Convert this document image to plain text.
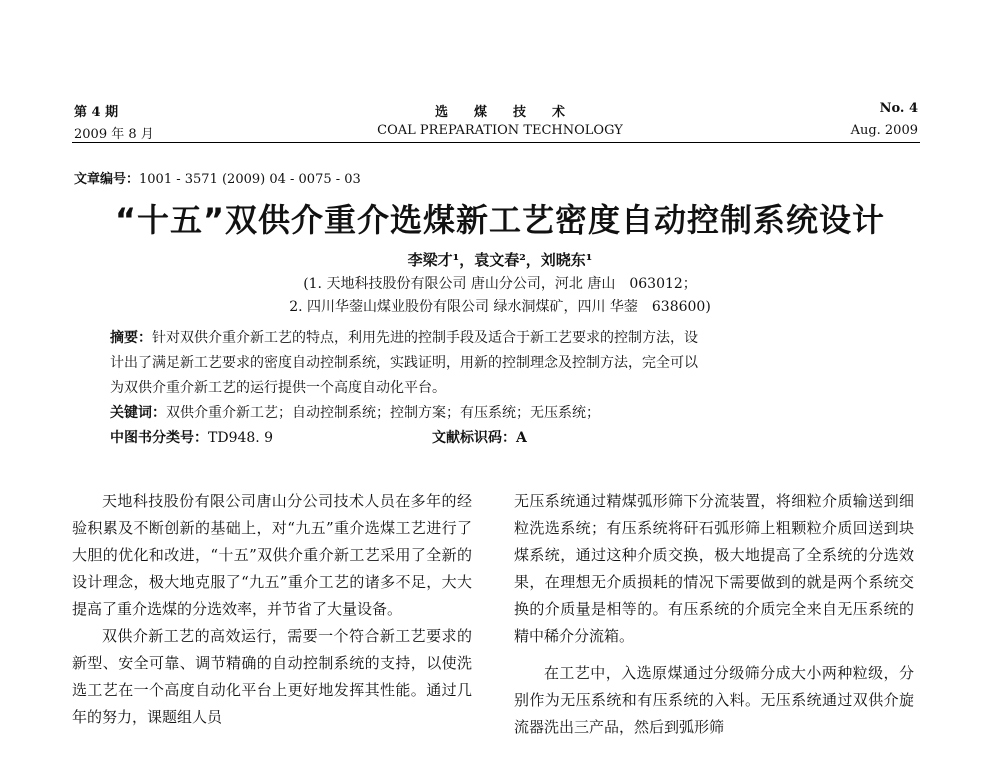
第 4 期	选　　煤　　技　　术	No. 4
2009 年 8 月	COAL PREPARATION TECHNOLOGY	Aug. 2009
文章编号：1001 - 3571 (2009) 04 - 0075 - 03
“十五”双供介重介选煤新工艺密度自动控制系统设计
李梁才¹，袁文春²，刘晓东¹
(1. 天地科技股份有限公司 唐山分公司，河北 唐山　063012；
2. 四川华蓥山煤业股份有限公司 绿水洞煤矿，四川 华蓥　638600)
摘要：针对双供介重介新工艺的特点，利用先进的控制手段及适合于新工艺要求的控制方法，设
计出了满足新工艺要求的密度自动控制系统，实践证明，用新的控制理念及控制方法，完全可以
为双供介重介新工艺的运行提供一个高度自动化平台。
关键词：双供介重介新工艺；自动控制系统；控制方案；有压系统；无压系统；
中图书分类号：TD948. 9	文献标识码：A

天地科技股份有限公司唐山分公司技术人员在多年的经验积累及不断创新的基础上，对“九五”重介选煤工艺进行了大胆的优化和改进，“十五”双供介重介新工艺采用了全新的设计理念，极大地克服了“九五”重介工艺的诸多不足，大大提高了重介选煤的分选效率，并节省了大量设备。

双供介新工艺的高效运行，需要一个符合新工艺要求的新型、安全可靠、调节精确的自动控制系统的支持，以使洗选工艺在一个高度自动化平台上更好地发挥其性能。通过几年的努力，课题组人员

无压系统通过精煤弧形筛下分流装置，将细粒介质输送到细粒洗选系统；有压系统将矸石弧形筛上粗颗粒介质回送到块煤系统，通过这种介质交换，极大地提高了全系统的分选效果，在理想无介质损耗的情况下需要做到的就是两个系统交换的介质量是相等的。有压系统的介质完全来自无压系统的精中稀介分流箱。

在工艺中，入选原煤通过分级筛分成大小两种粒级，分别作为无压系统和有压系统的入料。无压系统通过双供介旋流器洗出三产品，然后到弧形筛
